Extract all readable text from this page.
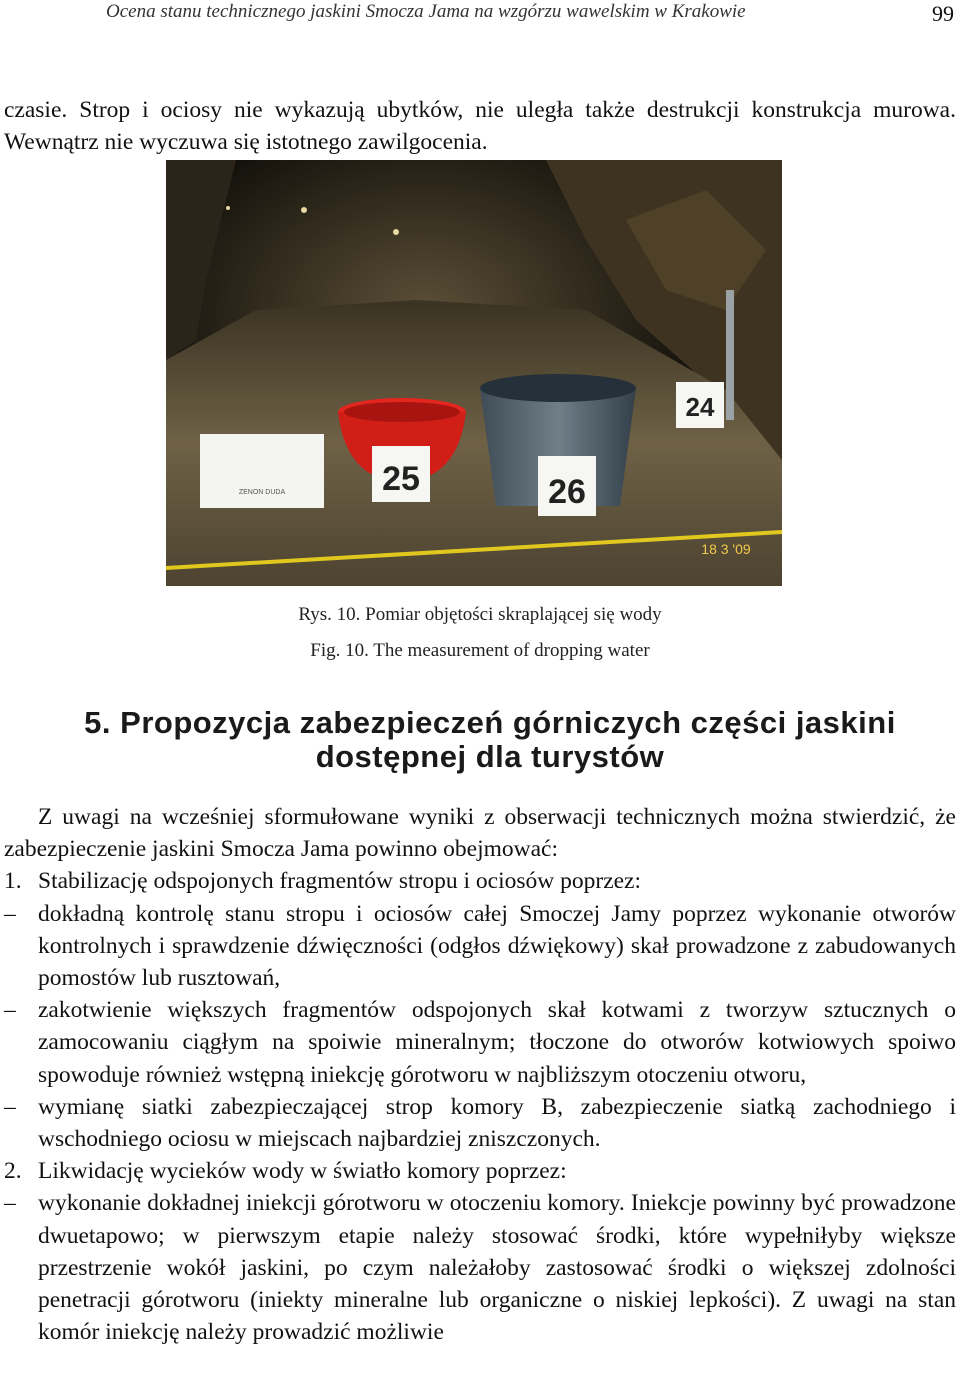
Ocena stanu technicznego jaskini Smocza Jama na wzgórzu wawelskim w Krakowie	99

czasie. Strop i ociosy nie wykazują ubytków, nie uległa także destrukcji konstrukcja murowa. Wewnątrz nie wyczuwa się istotnego zawilgocenia.

ZENON DUDA	25	26
24
18 3 '09
Rys. 10. Pomiar objętości skraplającej się wody
Fig. 10. The measurement of dropping water
5. Propozycja zabezpieczeń górniczych części jaskini dostępnej dla turystów

Z uwagi na wcześniej sformułowane wyniki z obserwacji technicznych można stwierdzić, że zabezpieczenie jaskini Smocza Jama powinno obejmować:

1. Stabilizację odspojonych fragmentów stropu i ociosów poprzez:

– dokładną kontrolę stanu stropu i ociosów całej Smoczej Jamy poprzez wykonanie otworów kontrolnych i sprawdzenie dźwięczności (odgłos dźwiękowy) skał prowadzone z zabudowanych pomostów lub rusztowań,

– zakotwienie większych fragmentów odspojonych skał kotwami z tworzyw sztucznych o zamocowaniu ciągłym na spoiwie mineralnym; tłoczone do otworów kotwiowych spoiwo spowoduje również wstępną iniekcję górotworu w najbliższym otoczeniu otworu,

– wymianę siatki zabezpieczającej strop komory B, zabezpieczenie siatką zachodniego i wschodniego ociosu w miejscach najbardziej zniszczonych.

2. Likwidację wycieków wody w światło komory poprzez:

– wykonanie dokładnej iniekcji górotworu w otoczeniu komory. Iniekcje powinny być prowadzone dwuetapowo; w pierwszym etapie należy stosować środki, które wypełniłyby większe przestrzenie wokół jaskini, po czym należałoby zastosować środki o większej zdolności penetracji górotworu (iniekty mineralne lub organiczne o niskiej lepkości). Z uwagi na stan komór iniekcję należy prowadzić możliwie
